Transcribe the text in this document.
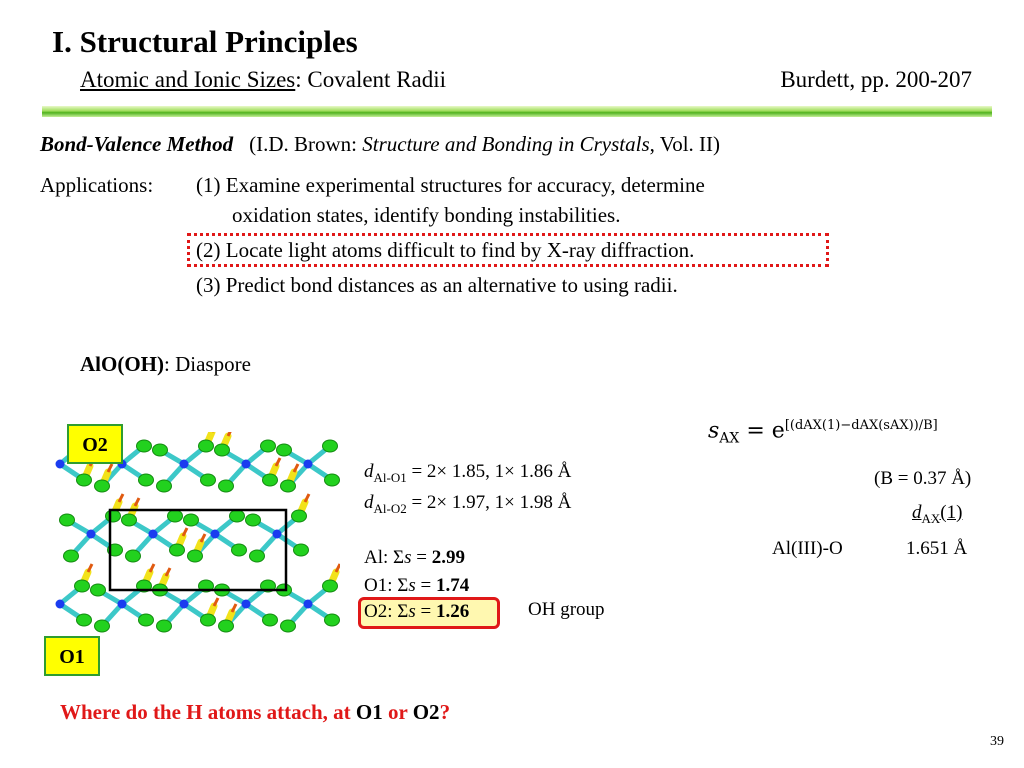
I. Structural Principles
Atomic and Ionic Sizes: Covalent Radii	Burdett, pp. 200-207
Bond-Valence Method (I.D. Brown: Structure and Bonding in Crystals, Vol. II)
Applications: (1) Examine experimental structures for accuracy, determine
oxidation states, identify bonding instabilities.
(2) Locate light atoms difficult to find by X-ray diffraction.
(3) Predict bond distances as an alternative to using radii.
AlO(OH): Diaspore
O2
O1
$d_{Al-O1} = 2\times 1.85$, 1× 1.86 Å
$d_{Al-O2} = 2\times 1.97$, 1× 1.98 Å
Al: Σs = 2.99
O1: Σs = 1.74
O2: Σs = 1.26	OH group
$s_{AX} = e[(dAX(1)-dAX(sAX))/B]$
(B = 0.37 Å)
$d_{AX}(1)$
Al(III)-O	1.651 Å
Where do the H atoms attach, at O1 or O2?
39
